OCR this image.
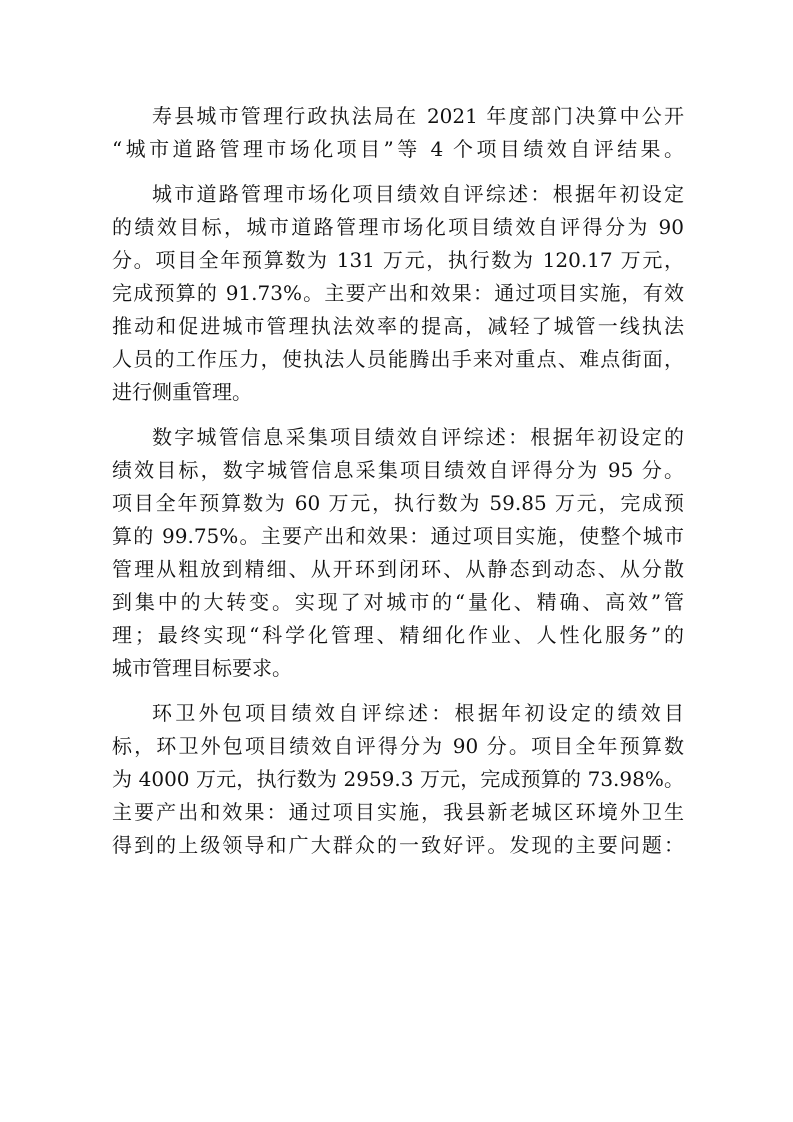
寿县城市管理行政执法局在 2021 年度部门决算中公开
“城市道路管理市场化项目”等 4 个项目绩效自评结果。
城市道路管理市场化项目绩效自评综述：根据年初设定
的绩效目标，城市道路管理市场化项目绩效自评得分为 90
分。项目全年预算数为 131 万元，执行数为 120.17 万元，
完成预算的 91.73%。主要产出和效果：通过项目实施，有效
推动和促进城市管理执法效率的提高，减轻了城管一线执法
人员的工作压力，使执法人员能腾出手来对重点、难点街面，
进行侧重管理。
数字城管信息采集项目绩效自评综述：根据年初设定的
绩效目标，数字城管信息采集项目绩效自评得分为 95 分。
项目全年预算数为 60 万元，执行数为 59.85 万元，完成预
算的 99.75%。主要产出和效果：通过项目实施，使整个城市
管理从粗放到精细、从开环到闭环、从静态到动态、从分散
到集中的大转变。实现了对城市的“量化、精确、高效”管
理；最终实现“科学化管理、精细化作业、人性化服务”的
城市管理目标要求。
环卫外包项目绩效自评综述：根据年初设定的绩效目
标，环卫外包项目绩效自评得分为 90 分。项目全年预算数
为 4000 万元，执行数为 2959.3 万元，完成预算的 73.98%。
主要产出和效果：通过项目实施，我县新老城区环境外卫生
得到的上级领导和广大群众的一致好评。发现的主要问题：
